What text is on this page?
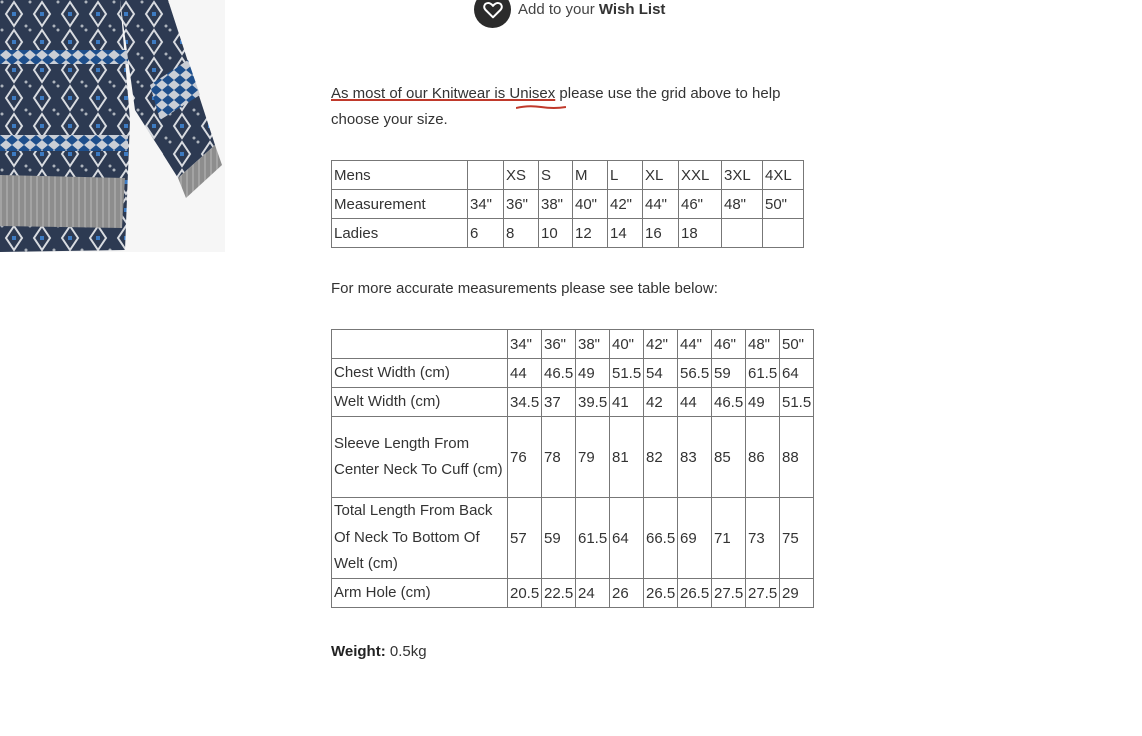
Add to your Wish List
As most of our Knitwear is Unisex
please use the grid above to help choose your size.
Mens		XS	S	M	L	XL	XXL	3XL	4XL
Measurement	34"	36"	38"	40"	42"	44"	46"	48"	50"
Ladies	6	8	10	12	14	16	18		
For more accurate measurements please see table below:
	34"	36"	38"	40"	42"	44"	46"	48"	50"
Chest Width (cm)	44	46.5	49	51.5	54	56.5	59	61.5	64
Welt Width (cm)	34.5	37	39.5	41	42	44	46.5	49	51.5
Sleeve Length From Center Neck To Cuff (cm)	76	78	79	81	82	83	85	86	88
Total Length From Back Of Neck To Bottom Of Welt (cm)	57	59	61.5	64	66.5	69	71	73	75
Arm Hole (cm)	20.5	22.5	24	26	26.5	26.5	27.5	27.5	29
Weight: 0.5kg
